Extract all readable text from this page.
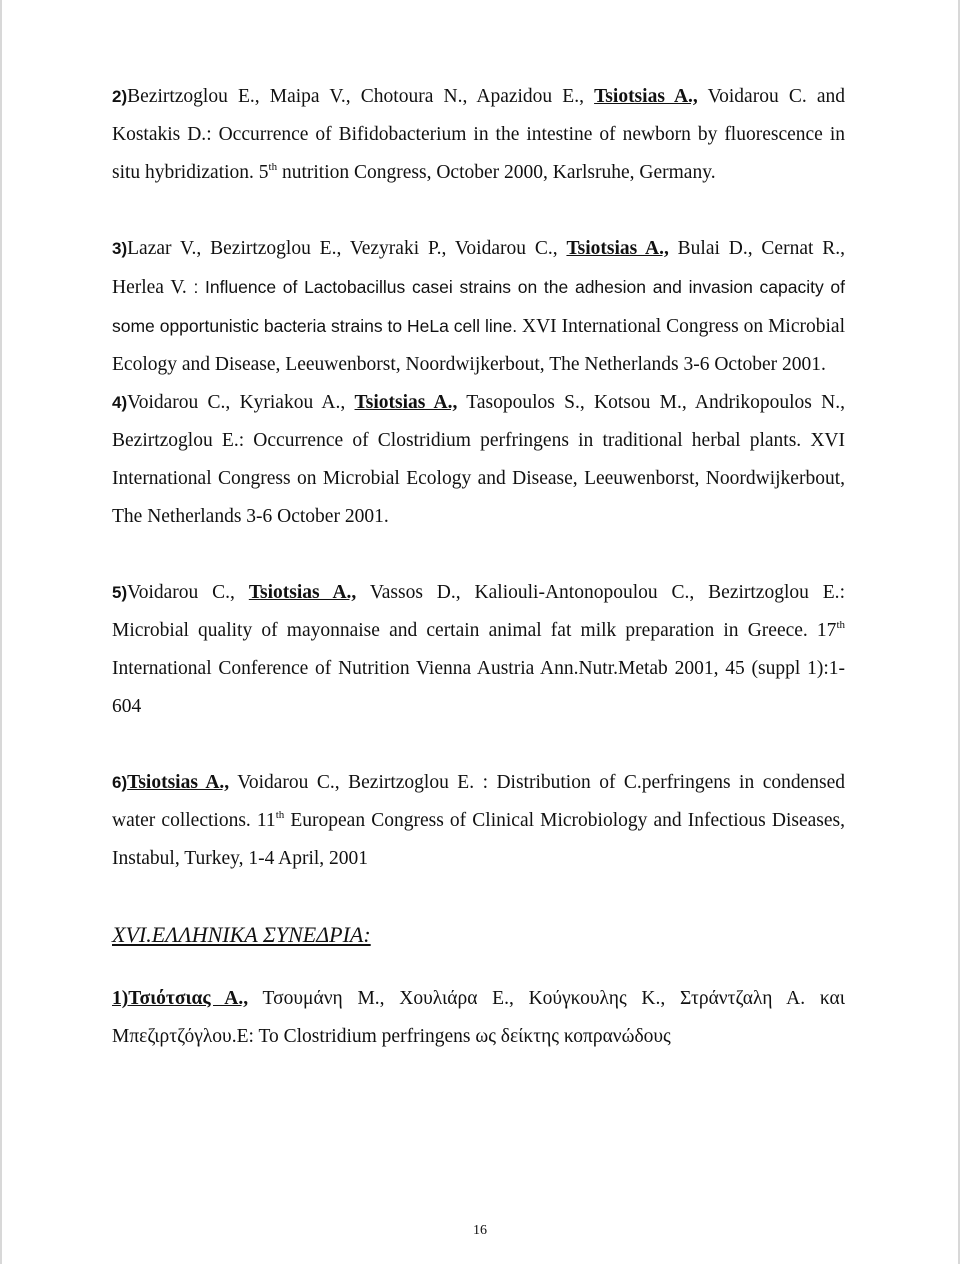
2)Bezirtzoglou E., Maipa V., Chotoura N., Apazidou E., Tsiotsias A., Voidarou C. and Kostakis D.: Occurrence of Bifidobacterium in the intestine of newborn by fluorescence in situ hybridization. 5th nutrition Congress, October 2000, Karlsruhe, Germany.
3)Lazar V., Bezirtzoglou E., Vezyraki P., Voidarou C., Tsiotsias A., Bulai D., Cernat R., Herlea V. : Influence of Lactobacillus casei strains on the adhesion and invasion capacity of some opportunistic bacteria strains to HeLa cell line. XVI International Congress on Microbial Ecology and Disease, Leeuwenborst, Noordwijkerbout, The Netherlands 3-6 October 2001.
4)Voidarou C., Kyriakou A., Tsiotsias A., Tasopoulos S., Kotsou M., Andrikopoulos N., Bezirtzoglou E.: Occurrence of Clostridium perfringens in traditional herbal plants. XVI International Congress on Microbial Ecology and Disease, Leeuwenborst, Noordwijkerbout, The Netherlands 3-6 October 2001.
5)Voidarou C., Tsiotsias A., Vassos D., Kaliouli-Antonopoulou C., Bezirtzoglou E.: Microbial quality of mayonnaise and certain animal fat milk preparation in Greece. 17th International Conference of Nutrition Vienna Austria Ann.Nutr.Metab 2001, 45 (suppl 1):1-604
6)Tsiotsias A., Voidarou C., Bezirtzoglou E. : Distribution of C.perfringens in condensed water collections. 11th European Congress of Clinical Microbiology and Infectious Diseases, Instabul, Turkey, 1-4 April, 2001
XVI.ΕΛΛΗΝΙΚΑ ΣΥΝΕΔΡΙΑ:
1)Τσιότσιας Α., Τσουμάνη Μ., Χουλιάρα Ε., Κούγκουλης Κ., Στράντζαλη Α. και Μπεζιρτζόγλου.Ε: Το Clostridium perfringens ως δείκτης κοπρανώδους
16
